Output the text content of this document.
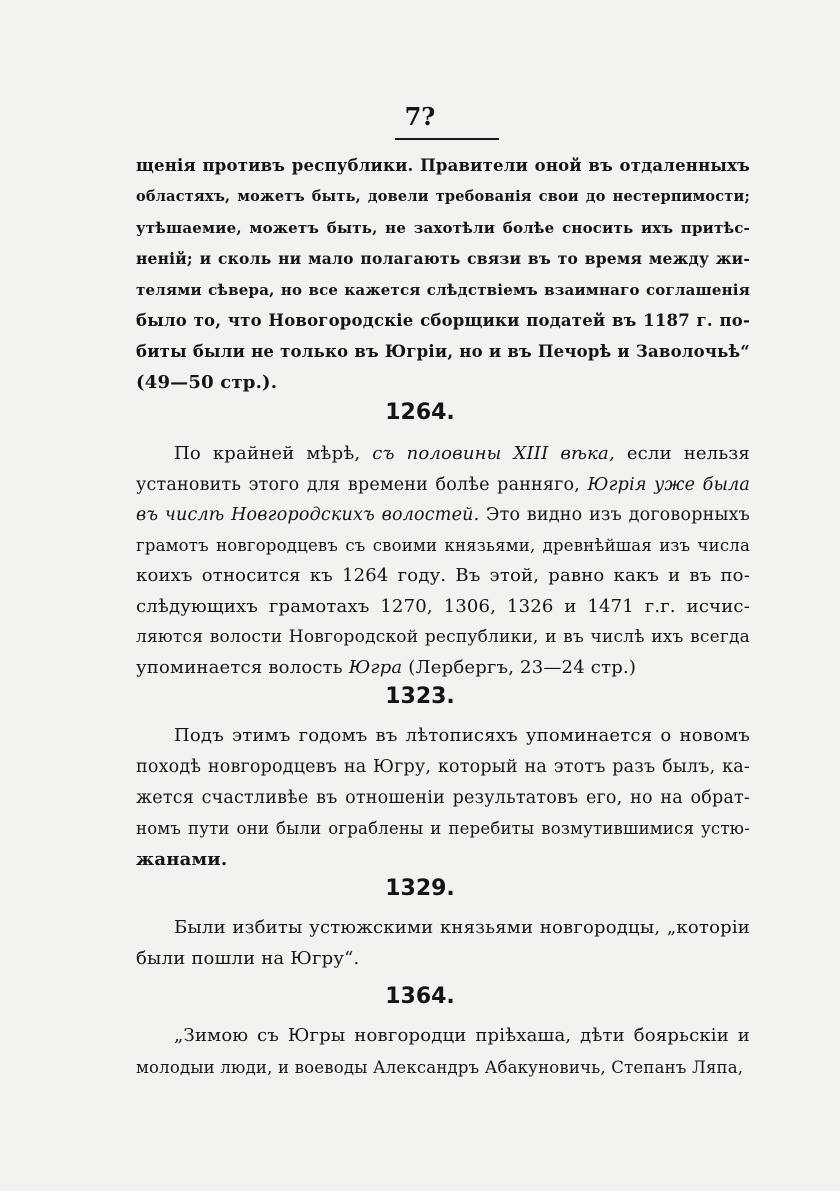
7?
щенія противъ республики. Правители оной въ отдаленныхъ
областяхъ, можетъ быть, довели требованія свои до нестерпимости;
утѣшаемие, можетъ быть, не захотѣли болѣе сносить ихъ притѣс-
неній; и сколь ни мало полагають связи въ то время между жи-
телями сѣвера, но все кажется слѣдствіемъ взаимнаго соглашенія
было то, что Новогородскіе сборщики податей въ 1187 г. по-
биты были не только въ Югріи, но и въ Печорѣ и Заволочьѣ“
(49—50 стр.).
1264.
По крайней мѣрѣ, съ половины XIII вѣка, если нельзя
установить этого для времени болѣе ранняго, Югрія уже была
въ числѣ Новгородскихъ волостей. Это видно изъ договорныхъ
грамотъ новгородцевъ съ своими князьями, древнѣйшая изъ числа
коихъ относится къ 1264 году. Въ этой, равно какъ и въ по-
слѣдующихъ грамотахъ 1270, 1306, 1326 и 1471 г.г. исчис-
ляются волости Новгородской республики, и въ числѣ ихъ всегда
упоминается волость Югра (Лербергъ, 23—24 стр.)
1323.
Подъ этимъ годомъ въ лѣтописяхъ упоминается о новомъ
походѣ новгородцевъ на Югру, который на этотъ разъ былъ, ка-
жется счастливѣе въ отношеніи результатовъ его, но на обрат-
номъ пути они были ограблены и перебиты возмутившимися устю-
жанами.
1329.
Были избиты устюжскими князьями новгородцы, „которіи
были пошли на Югру“.
1364.
„Зимою съ Югры новгородци пріѣхаша, дѣти боярьскіи и
молодыи люди, и воеводы Александръ Абакуновичь, Степанъ Ляпа,
